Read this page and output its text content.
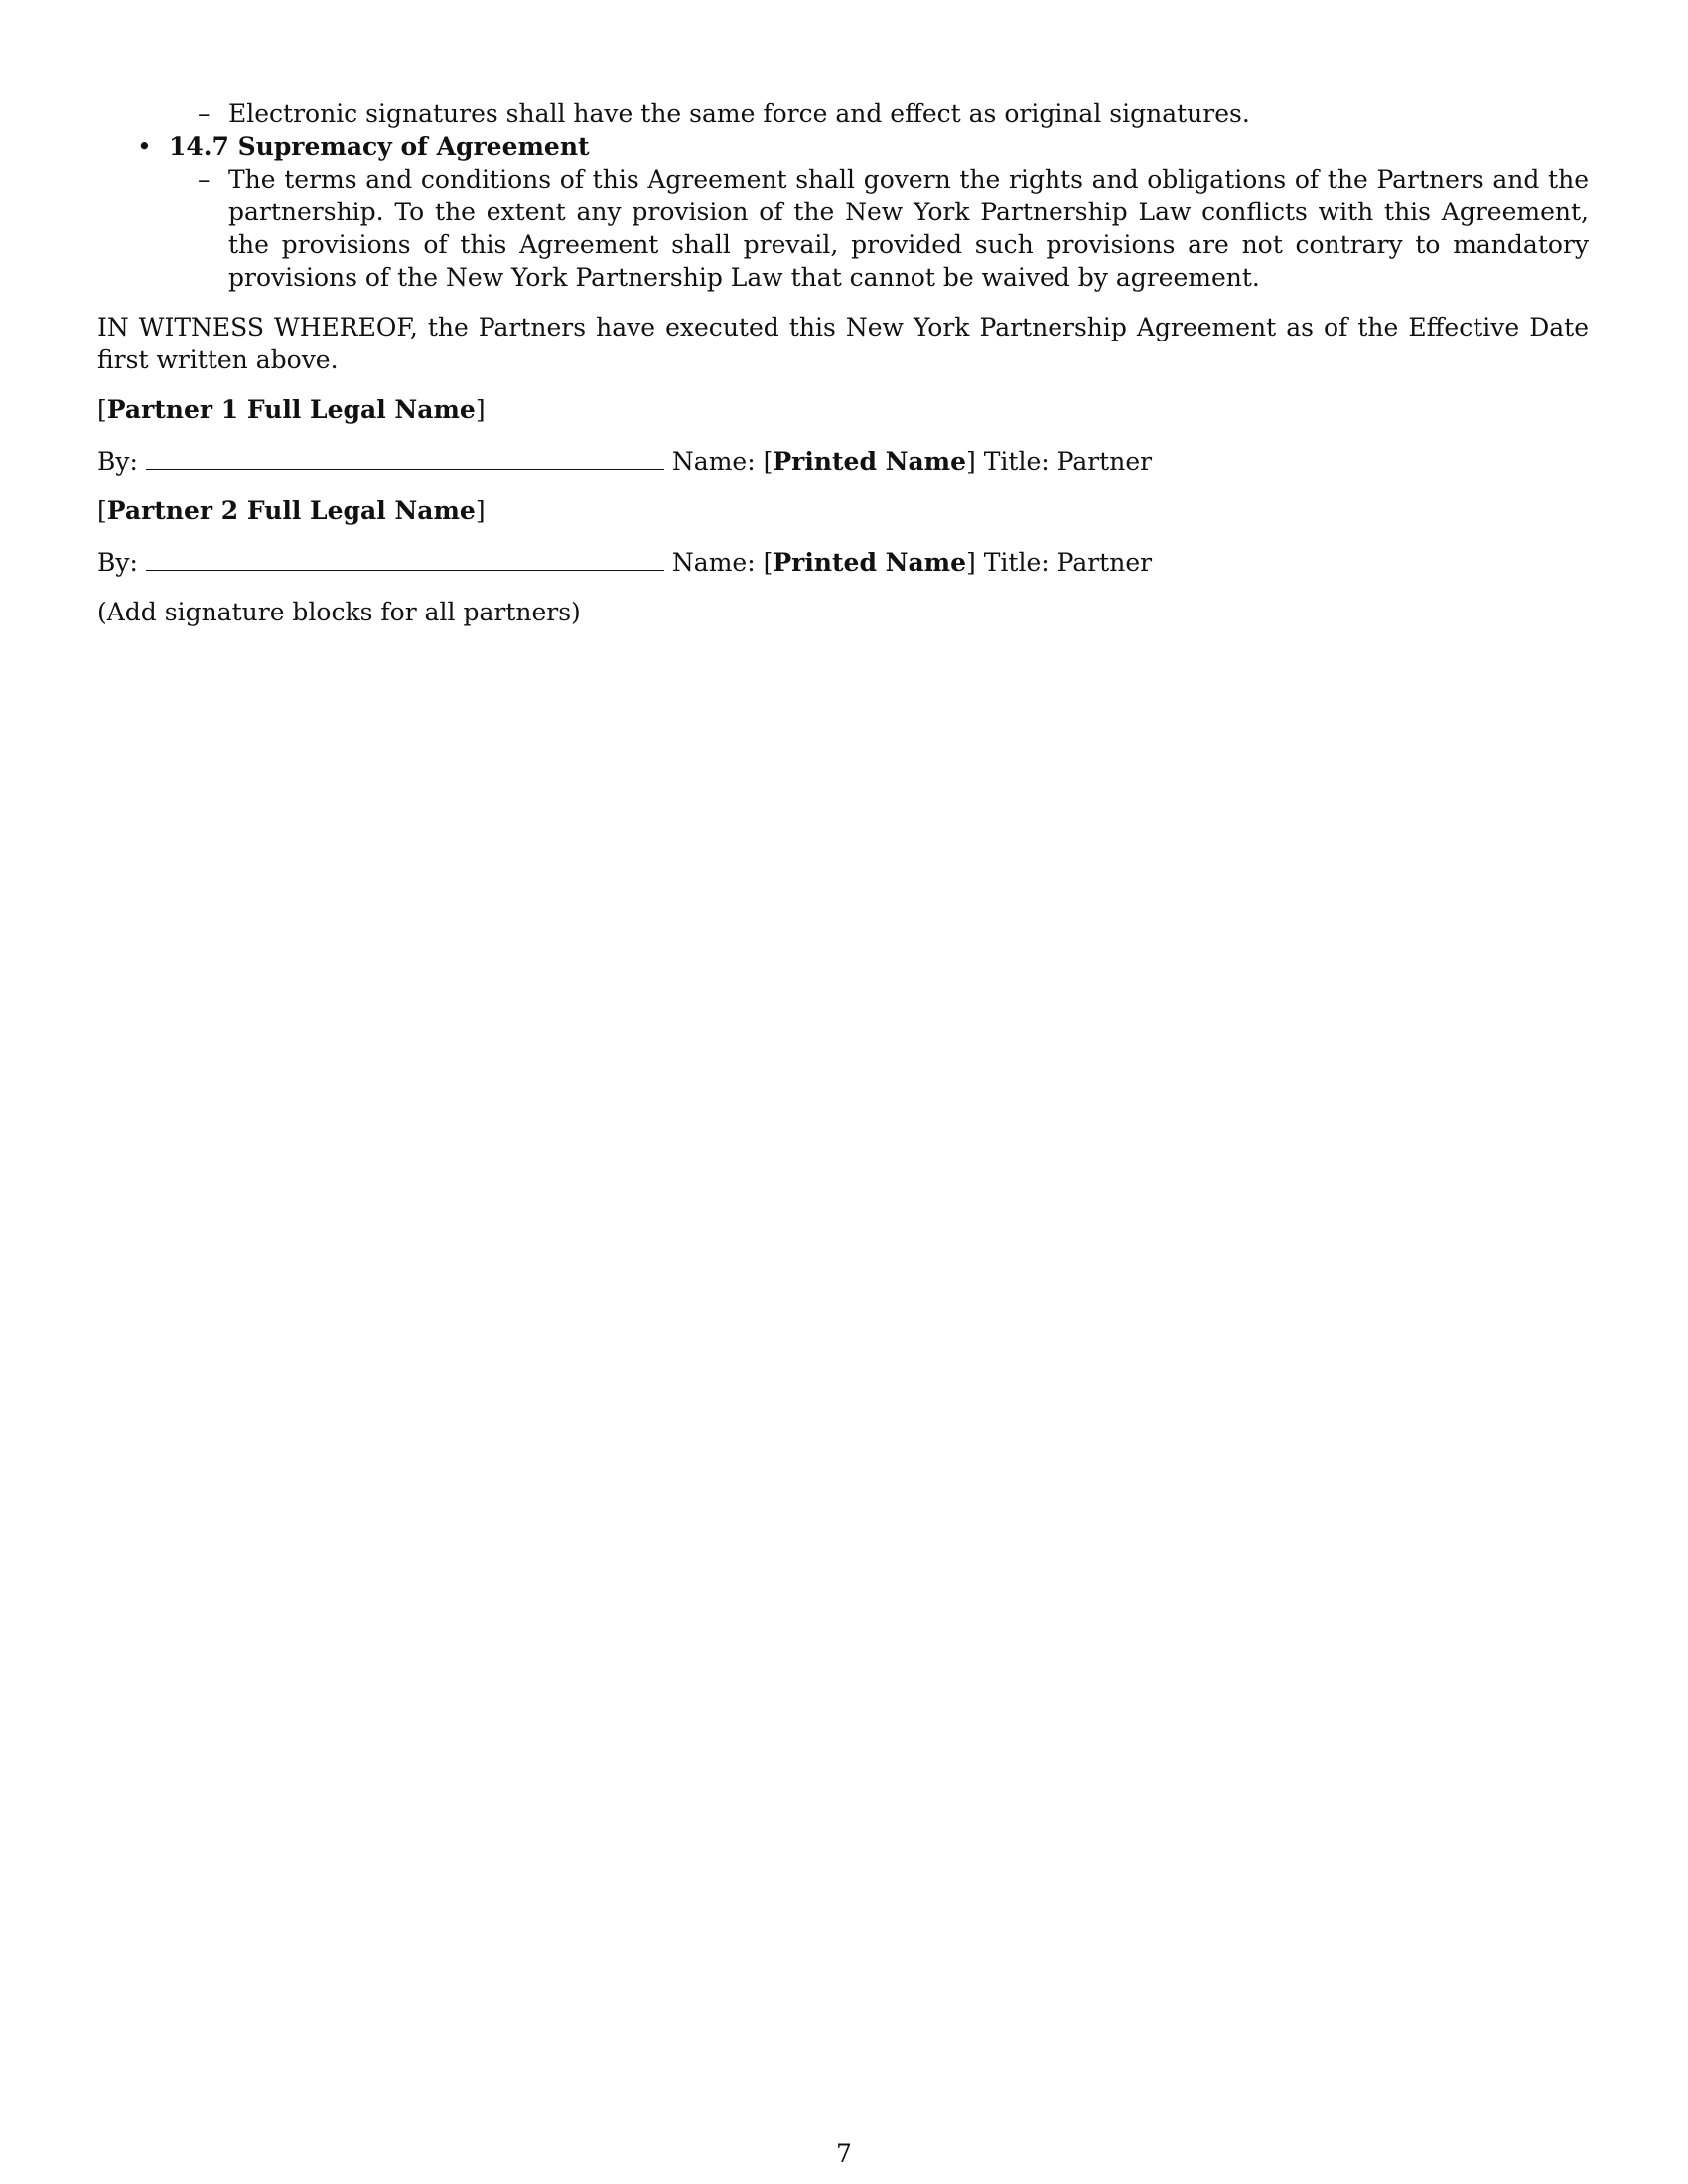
– Electronic signatures shall have the same force and effect as original signatures.
• 14.7 Supremacy of Agreement
– The terms and conditions of this Agreement shall govern the rights and obligations of the Partners and the partnership. To the extent any provision of the New York Partnership Law conflicts with this Agreement, the provisions of this Agreement shall prevail, provided such provisions are not contrary to mandatory provisions of the New York Partnership Law that cannot be waived by agreement.
IN WITNESS WHEREOF, the Partners have executed this New York Partnership Agreement as of the Effective Date first written above.
[Partner 1 Full Legal Name]
By:	Name: [Printed Name] Title: Partner
[Partner 2 Full Legal Name]
By:	Name: [Printed Name] Title: Partner
(Add signature blocks for all partners)
7
